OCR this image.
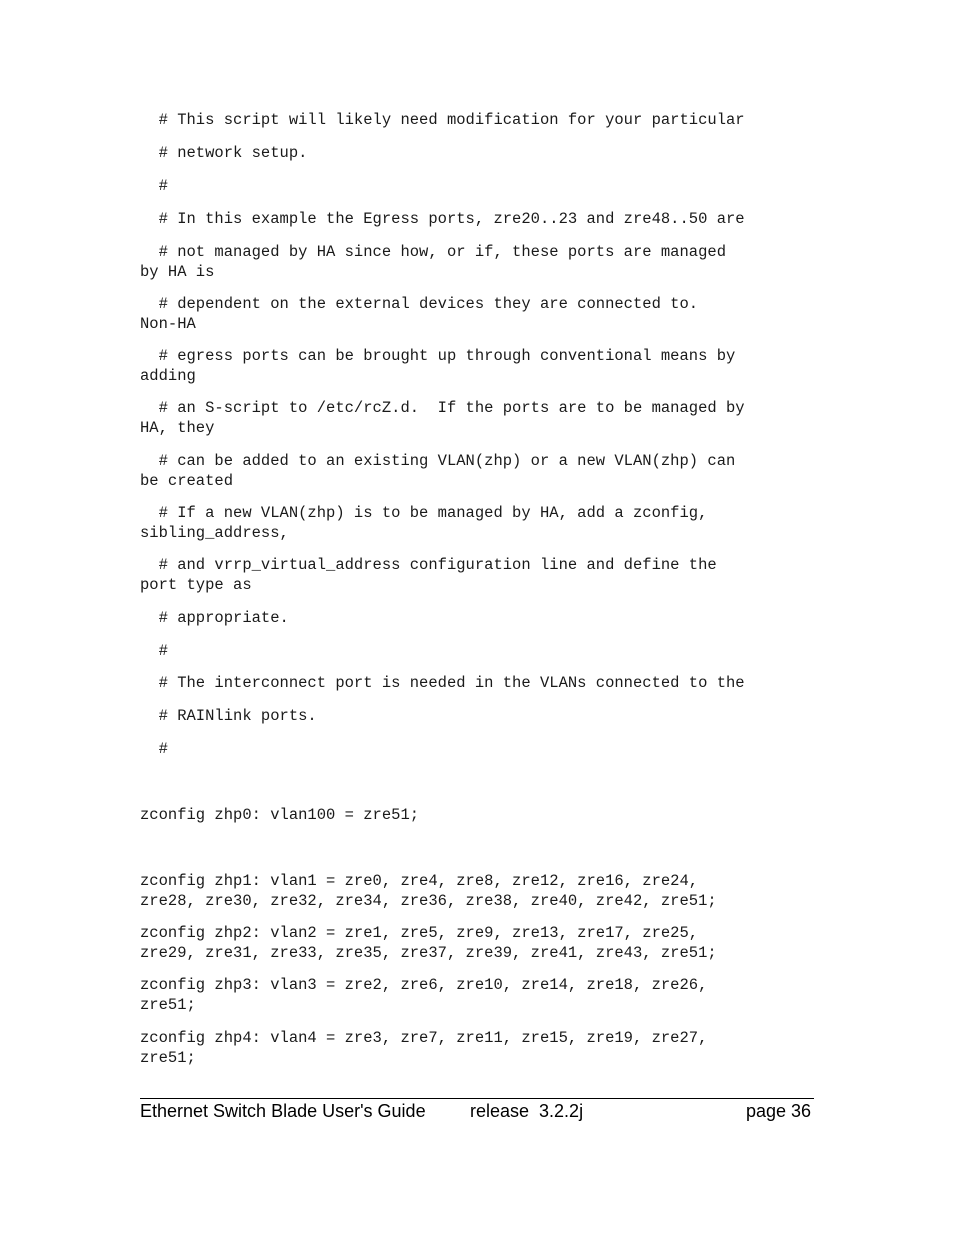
# This script will likely need modification for your particular
# network setup.
#
# In this example the Egress ports, zre20..23 and zre48..50 are
# not managed by HA since how, or if, these ports are managed
by HA is
# dependent on the external devices they are connected to.
Non-HA
# egress ports can be brought up through conventional means by
adding
# an S-script to /etc/rcZ.d.  If the ports are to be managed by
HA, they
# can be added to an existing VLAN(zhp) or a new VLAN(zhp) can
be created
# If a new VLAN(zhp) is to be managed by HA, add a zconfig,
sibling_address,
# and vrrp_virtual_address configuration line and define the
port type as
# appropriate.
#
# The interconnect port is needed in the VLANs connected to the
# RAINlink ports.
#
zconfig zhp0: vlan100 = zre51;
zconfig zhp1: vlan1 = zre0, zre4, zre8, zre12, zre16, zre24,
zre28, zre30, zre32, zre34, zre36, zre38, zre40, zre42, zre51;
zconfig zhp2: vlan2 = zre1, zre5, zre9, zre13, zre17, zre25,
zre29, zre31, zre33, zre35, zre37, zre39, zre41, zre43, zre51;
zconfig zhp3: vlan3 = zre2, zre6, zre10, zre14, zre18, zre26,
zre51;
zconfig zhp4: vlan4 = zre3, zre7, zre11, zre15, zre19, zre27,
zre51;
Ethernet Switch Blade User's Guide release  3.2.2j	page 36
